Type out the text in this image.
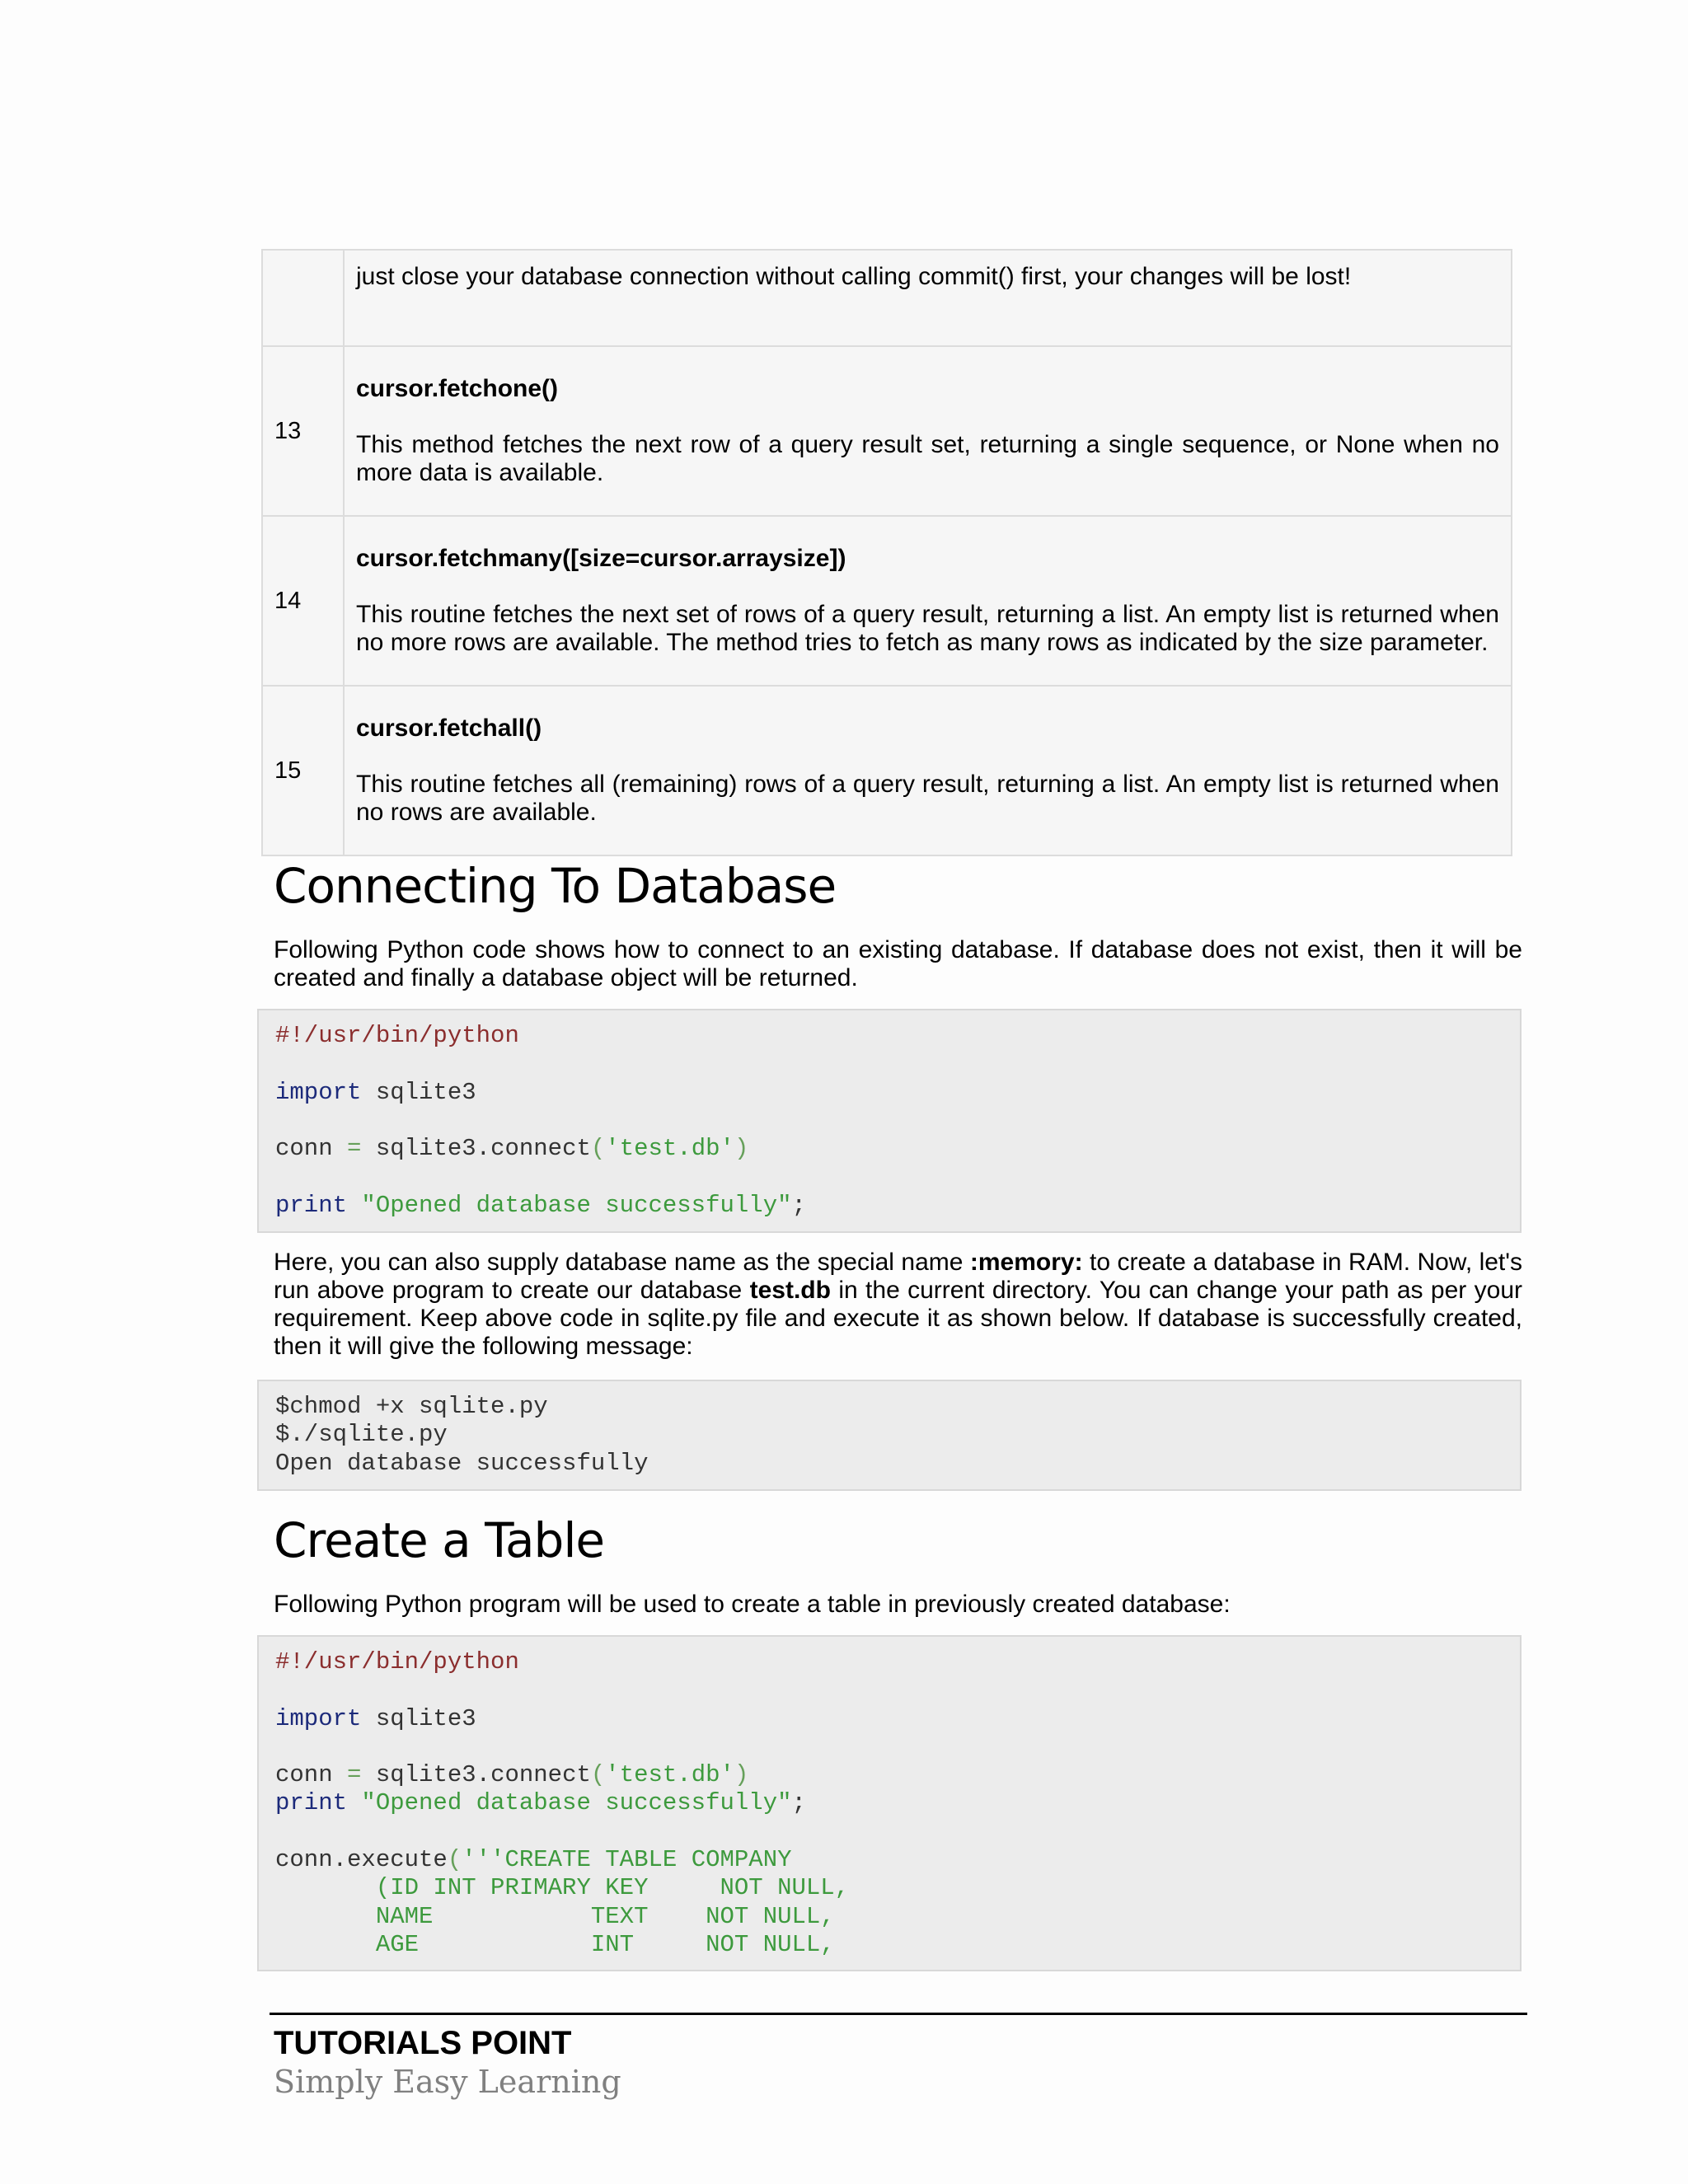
	just close your database connection without calling commit() first, your changes will be lost!
13	cursor.fetchone()
This method fetches the next row of a query result set, returning a single sequence, or None when no more data is available.

14	cursor.fetchmany([size=cursor.arraysize])
This routine fetches the next set of rows of a query result, returning a list. An empty list is returned when no more rows are available. The method tries to fetch as many rows as indicated by the size parameter.

15	cursor.fetchall()
This routine fetches all (remaining) rows of a query result, returning a list. An empty list is returned when no rows are available.
Connecting To Database

Following Python code shows how to connect to an existing database. If database does not exist, then it will be created and finally a database object will be returned.

#!/usr/bin/python

import sqlite3

conn = sqlite3.connect('test.db')

print "Opened database successfully";

Here, you can also supply database name as the special name :memory: to create a database in RAM. Now, let's run above program to create our database test.db in the current directory. You can change your path as per your requirement. Keep above code in sqlite.py file and execute it as shown below. If database is successfully created, then it will give the following message:

$chmod +x sqlite.py
$./sqlite.py
Open database successfully
Create a Table

Following Python program will be used to create a table in previously created database:

#!/usr/bin/python

import sqlite3

conn = sqlite3.connect('test.db')
print "Opened database successfully";

conn.execute('''CREATE TABLE COMPANY
(ID INT PRIMARY KEY     NOT NULL,
NAME           TEXT    NOT NULL,
AGE            INT     NOT NULL,
TUTORIALS POINT
Simply Easy Learning
